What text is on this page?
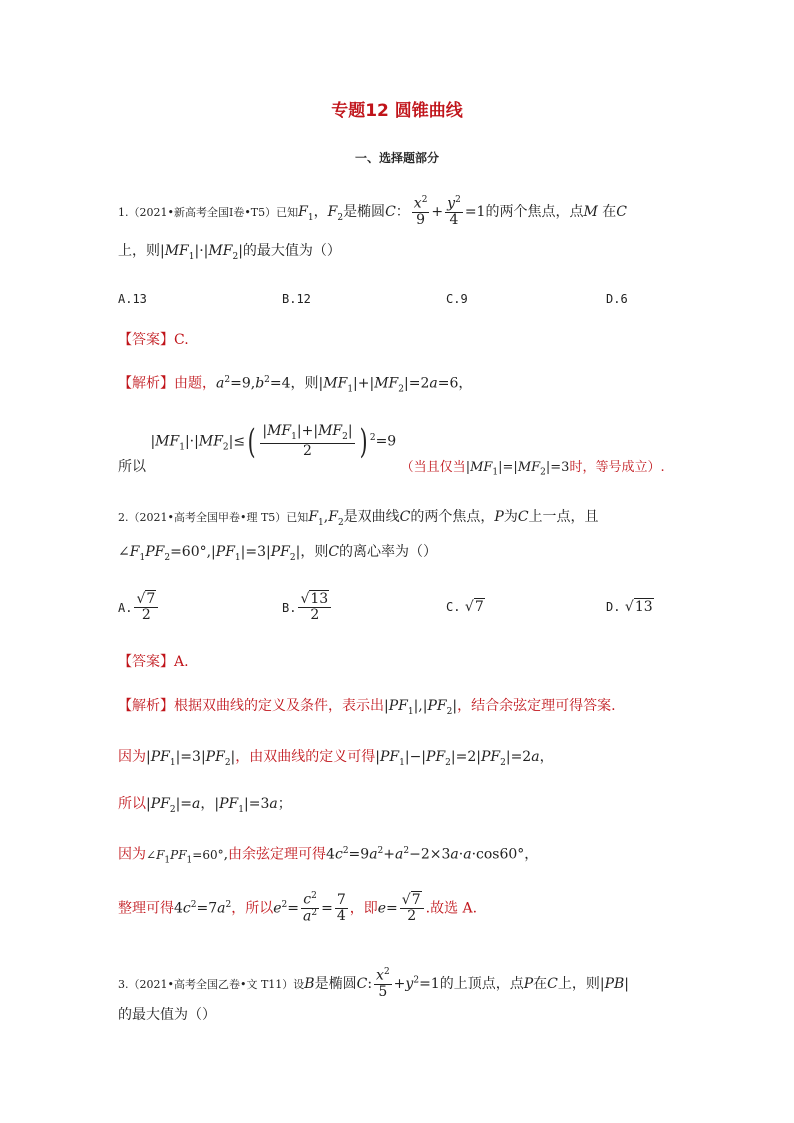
专题12 圆锥曲线
一、选择题部分
1.（2021•新高考全国Ⅰ卷•T5）已知$F_1$，$F_2$是椭圆C： $\frac{x^2}{9} + \frac{y^2}{4} =1$的两个焦点，点M 在C
上，则$|MF_1|\cdot|MF_2|$的最大值为（）
A.13	B.12	C.9	D.6
【答案】C.
【解析】由题，$a^2=9,b^2=4$，则$|MF_1|+|MF_2|=2a=6$，
所以 $|MF_1|\cdot|MF_2|\le( \frac{|MF_1|+|MF_2|}{2}$ ) $^2$=9 （当且仅当$|MF_1|=|MF_2|=3$时，等号成立）.
2.（2021•高考全国甲卷•理 T5）已知$F_1,F_2$是双曲线C的两个焦点，P为C上一点，且
$\angle F_1PF_2=60^\circ,|PF_1|=3|PF_2|$，则C的离心率为（）
A. $\frac{√7}{2}$	B. $\frac{√13}{2}$	C. √7	D. √13
【答案】A.
【解析】根据双曲线的定义及条件，表示出$|PF_1|,|PF_2|$，结合余弦定理可得答案.
因为$|PF_1|=3|PF_2|$，由双曲线的定义可得$|PF_1|-|PF_2|=2|PF_2|=2a$，
所以$|PF_2|=a$，$|PF_1|=3a$；
因为$\angle F_1PF_1=60^\circ$,由余弦定理可得$4c^2=9a^2+a^2-2\times 3a\cdot a\cdot\cos 60^\circ$，
整理可得$4c^2=7a^2$，所以$e^2= \frac{c^2}{a^2} = \frac{7}{4}$ ，即$e= \frac{√7}{2}$ .故选 A.
3.（2021•高考全国乙卷•文 T11）设B是椭圆C: $\frac{x^2}{5} +y^2=1$的上顶点，点P在C上，则|PB|
的最大值为（）
